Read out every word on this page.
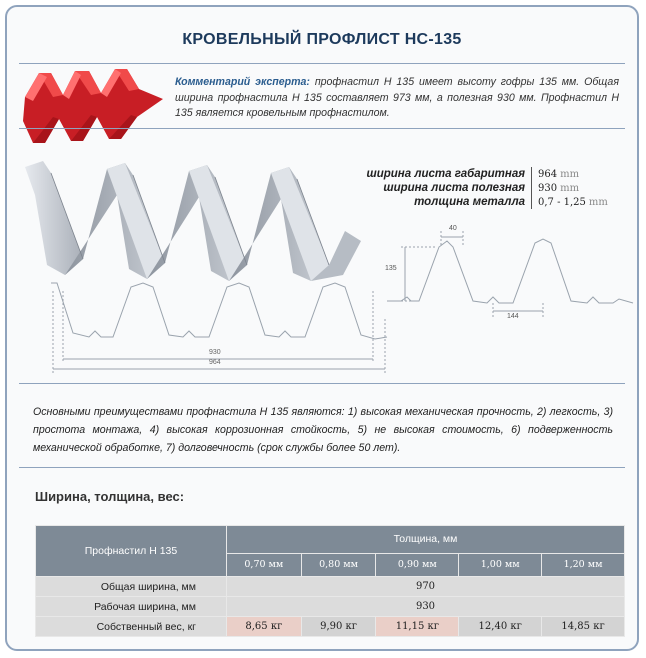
КРОВЕЛЬНЫЙ ПРОФЛИСТ НС-135
Комментарий эксперта: профнастил Н 135 имеет высоту гофры 135 мм. Общая ширина профнастила Н 135 составляет 973 мм, а полезная 930 мм. Профнастил Н 135 является кровельным профнастилом.
930
964
ширина листа габаритная	964 mm
ширина листа полезная	930 mm
толщина металла	0,7 - 1,25 mm
40
135
144
Основными преимуществами профнастила Н 135 являются: 1) высокая механическая прочность, 2) легкость, 3) простота монтажа, 4) высокая коррозионная стойкость, 5) не высокая стоимость, 6) подверженность механической обработке, 7) долговечность (срок службы более 50 лет).
Ширина, толщина, вес:
Профнастил Н 135	Толщина, мм				
	0,70 мм	0,80 мм	0,90 мм	1,00 мм	1,20 мм
Общая ширина, мм	970				
Рабочая ширина, мм	930				
Собственный вес, кг	8,65 кг	9,90 кг	11,15 кг	12,40 кг	14,85 кг
